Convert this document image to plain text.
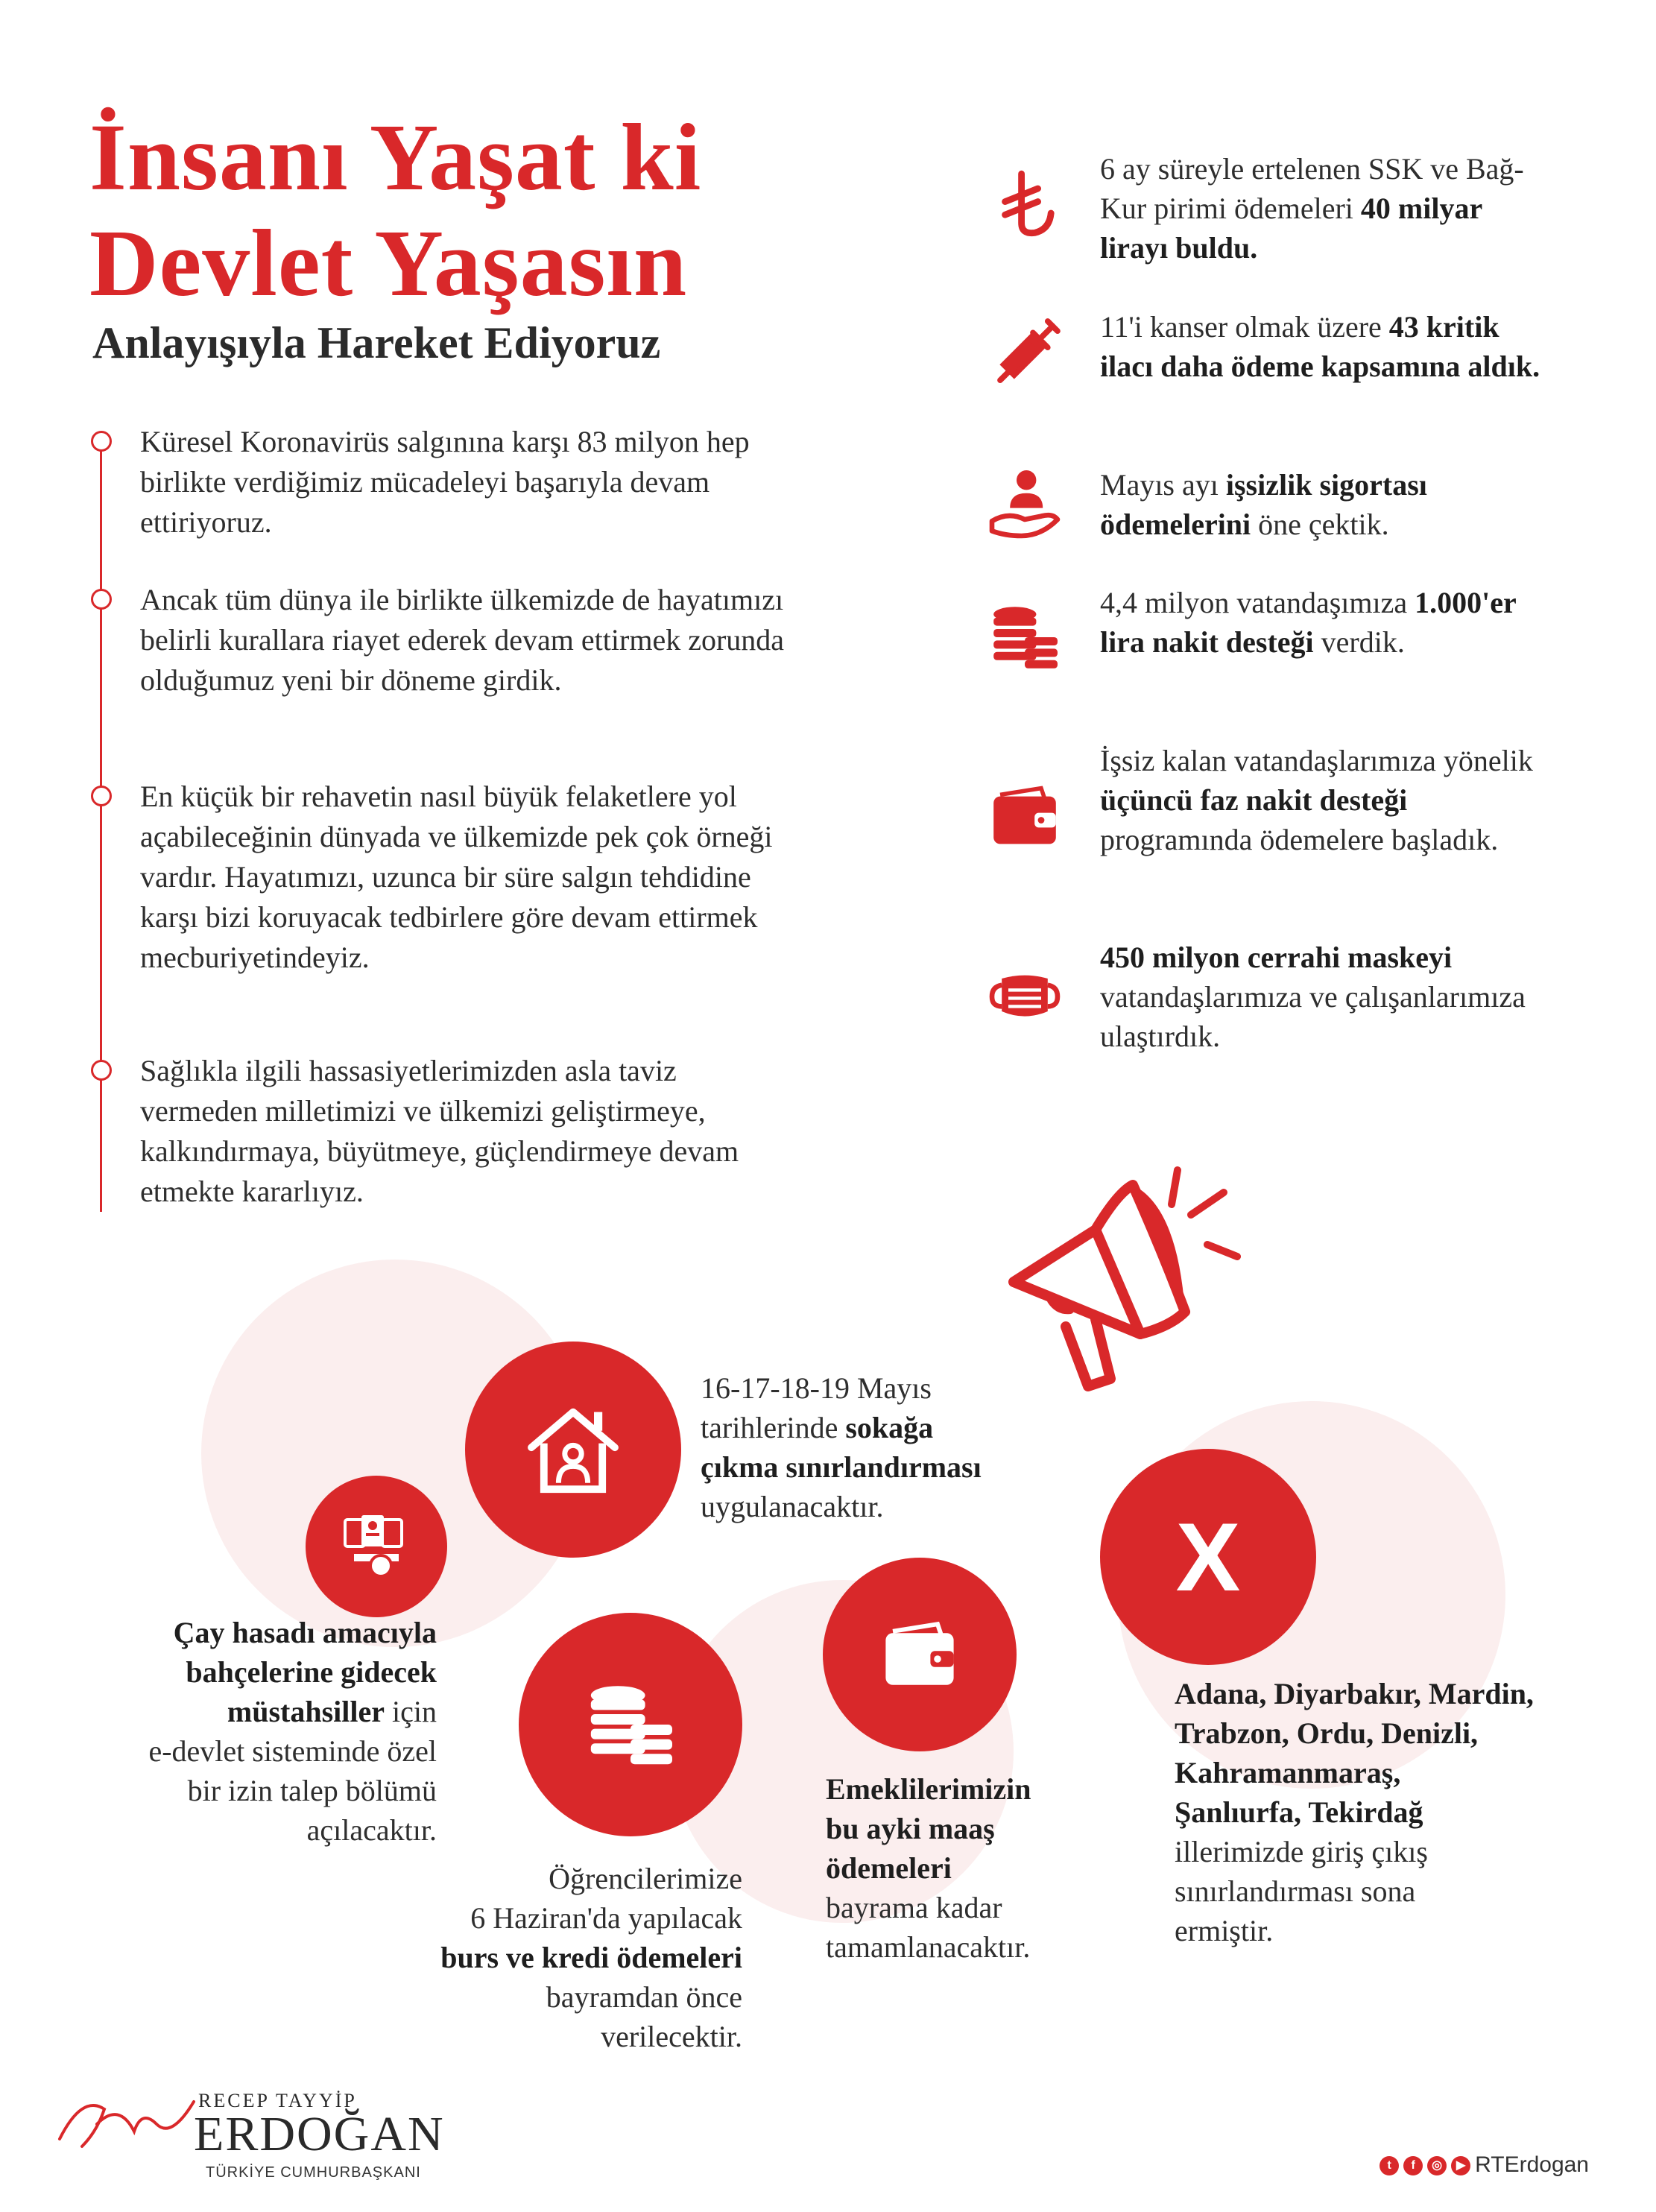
İnsanı Yaşat ki
Devlet Yaşasın
Anlayışıyla Hareket Ediyoruz
Küresel Koronavirüs salgınına karşı 83 milyon hep birlikte verdiğimiz mücadeleyi başarıyla devam ettiriyoruz.
Ancak tüm dünya ile birlikte ülkemizde de hayatımızı belirli kurallara riayet ederek devam ettirmek zorunda olduğumuz yeni bir döneme girdik.
En küçük bir rehavetin nasıl büyük felaketlere yol açabileceğinin dünyada ve ülkemizde pek çok örneği vardır. Hayatımızı, uzunca bir süre salgın tehdidine karşı bizi koruyacak tedbirlere göre devam ettirmek mecburiyetindeyiz.
Sağlıkla ilgili hassasiyetlerimizden asla taviz vermeden milletimizi ve ülkemizi geliştirmeye, kalkındırmaya, büyütmeye, güçlendirmeye devam etmekte kararlıyız.
6 ay süreyle ertelenen SSK ve Bağ-Kur pirimi ödemeleri 40 milyar lirayı buldu.
11'i kanser olmak üzere 43 kritik ilacı daha ödeme kapsamına aldık.
Mayıs ayı işsizlik sigortası ödemelerini öne çektik.
4,4 milyon vatandaşımıza 1.000'er lira nakit desteği verdik.
İşsiz kalan vatandaşlarımıza yönelik üçüncü faz nakit desteği programında ödemelere başladık.
450 milyon cerrahi maskeyi vatandaşlarımıza ve çalışanlarımıza ulaştırdık.
X
16-17-18-19 Mayıs
tarihlerinde sokağa
çıkma sınırlandırması
uygulanacaktır.
Çay hasadı amacıyla
bahçelerine gidecek
müstahsiller için
e-devlet sisteminde özel
bir izin talep bölümü
açılacaktır.
Öğrencilerimize
6 Haziran'da yapılacak
burs ve kredi ödemeleri
bayramdan önce
verilecektir.
Emeklilerimizin
bu ayki maaş
ödemeleri
bayrama kadar
tamamlanacaktır.
Adana, Diyarbakır, Mardin,
Trabzon, Ordu, Denizli,
Kahramanmaraş,
Şanlıurfa, Tekirdağ
illerimizde giriş çıkış
sınırlandırması sona
ermiştir.
RECEP TAYYİP
ERDOĞAN
TÜRKİYE CUMHURBAŞKANI	t f ◎ ▶ RTErdogan
